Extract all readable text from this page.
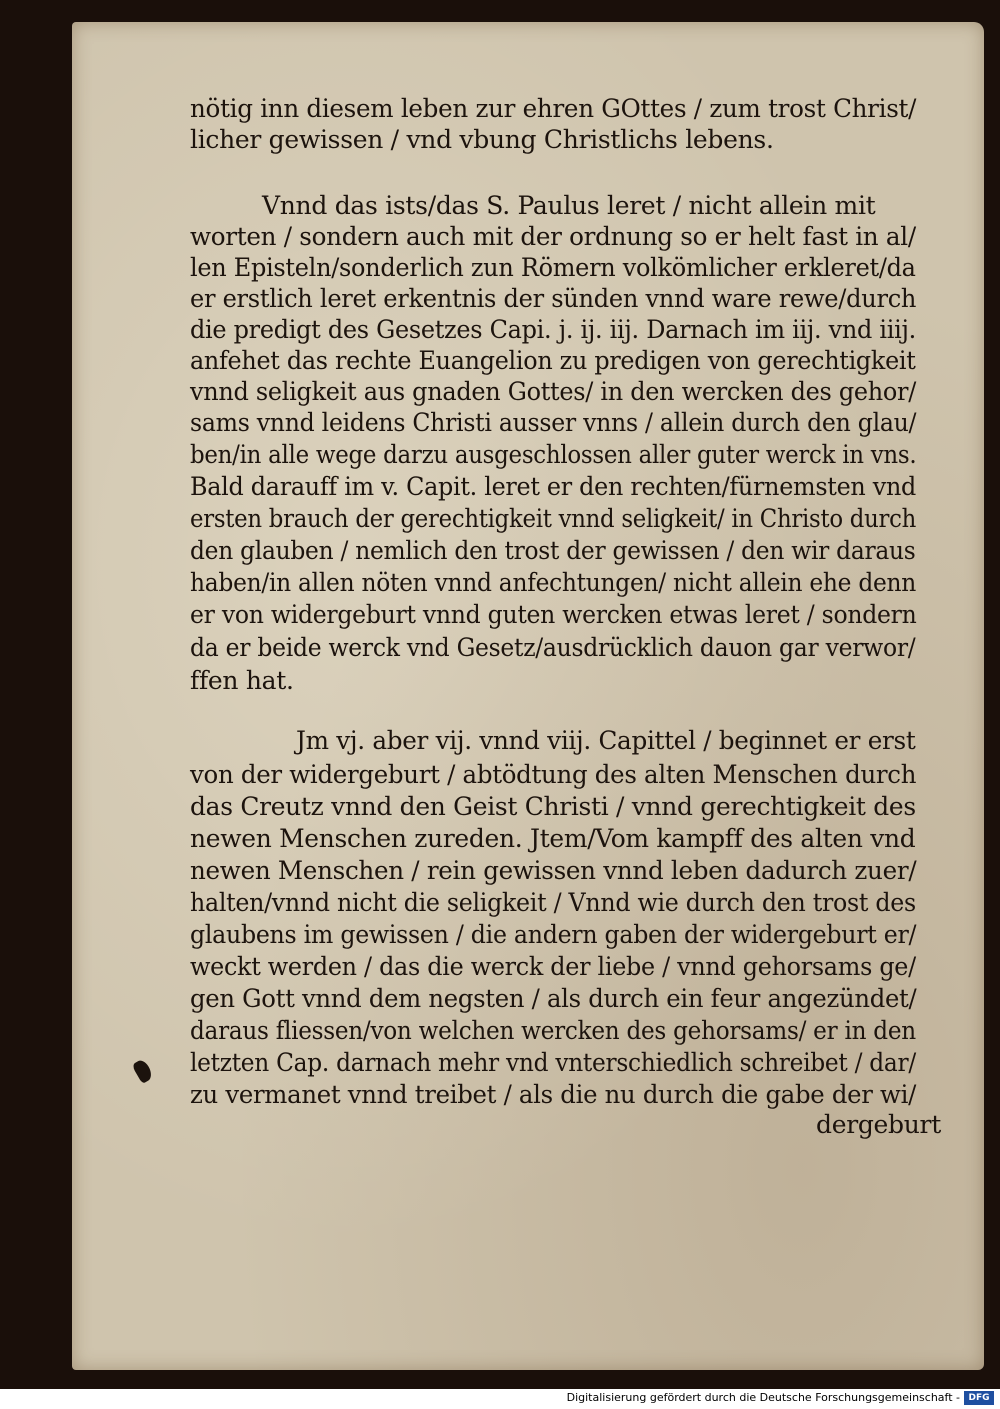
nötig inn diesem leben zur ehren GOttes / zum trost Christ/
licher gewissen / vnd vbung Christlichs lebens.
Vnnd das ists/das S. Paulus leret / nicht allein mit
worten / sondern auch mit der ordnung so er helt fast in al/
len Episteln/sonderlich zun Römern volkömlicher erkleret/da
er erstlich leret erkentnis der sünden vnnd ware rewe/durch
die predigt des Gesetzes Capi. j. ij. iij. Darnach im iij. vnd iiij.
anfehet das rechte Euangelion zu predigen von gerechtigkeit
vnnd seligkeit aus gnaden Gottes/ in den wercken des gehor/
sams vnnd leidens Christi ausser vnns / allein durch den glau/
ben/in alle wege darzu ausgeschlossen aller guter werck in vns.
Bald darauff im v. Capit. leret er den rechten/fürnemsten vnd
ersten brauch der gerechtigkeit vnnd seligkeit/ in Christo durch
den glauben / nemlich den trost der gewissen / den wir daraus
haben/in allen nöten vnnd anfechtungen/ nicht allein ehe denn
er von widergeburt vnnd guten wercken etwas leret / sondern
da er beide werck vnd Gesetz/ausdrücklich dauon gar verwor/
ffen hat.
Jm vj. aber vij. vnnd viij. Capittel / beginnet er erst
von der widergeburt / abtödtung des alten Menschen durch
das Creutz vnnd den Geist Christi / vnnd gerechtigkeit des
newen Menschen zureden. Jtem/Vom kampff des alten vnd
newen Menschen / rein gewissen vnnd leben dadurch zuer/
halten/vnnd nicht die seligkeit / Vnnd wie durch den trost des
glaubens im gewissen / die andern gaben der widergeburt er/
weckt werden / das die werck der liebe / vnnd gehorsams ge/
gen Gott vnnd dem negsten / als durch ein feur angezündet/
daraus fliessen/von welchen wercken des gehorsams/ er in den
letzten Cap. darnach mehr vnd vnterschiedlich schreibet / dar/
zu vermanet vnnd treibet / als die nu durch die gabe der wi/
dergeburt
Digitalisierung gefördert durch die Deutsche Forschungsgemeinschaft - DFG
